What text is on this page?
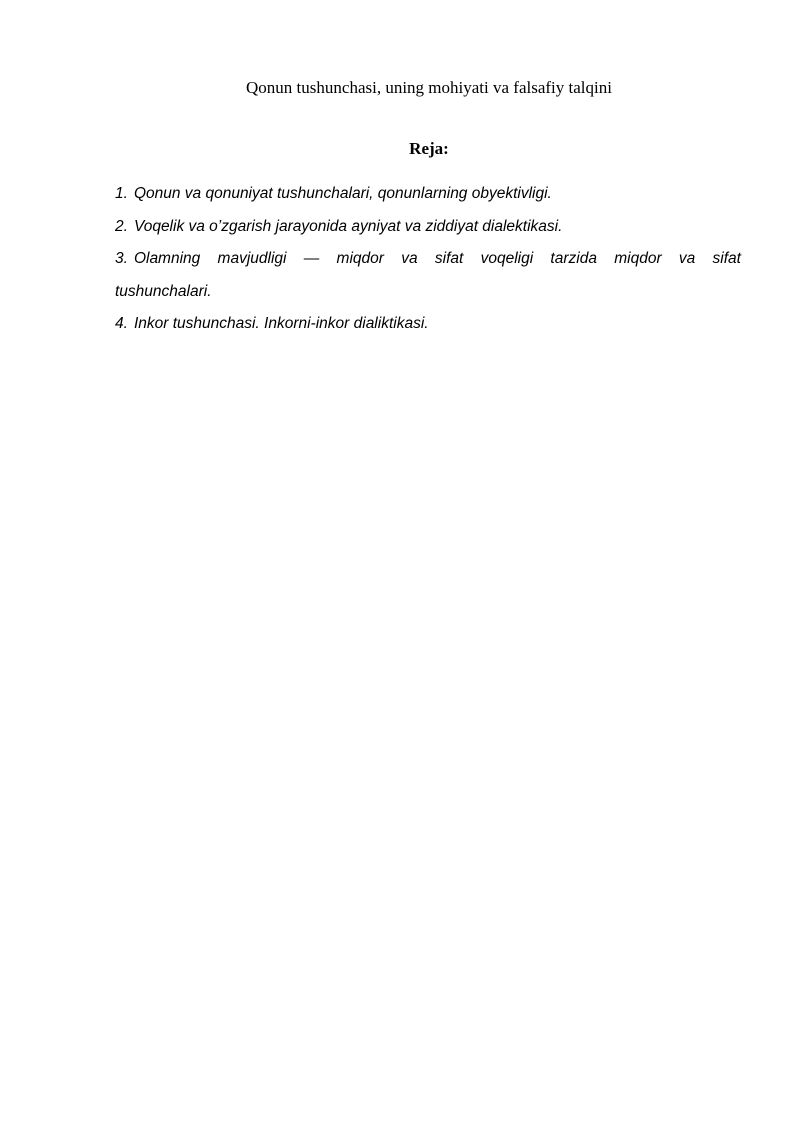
Qonun tushunchasi, uning mohiyati va falsafiy talqini
Reja:
1. Qonun va qonuniyat tushunchalari, qonunlarning obyektivligi.
2. Voqelik va o’zgarish jarayonida ayniyat va ziddiyat dialektikasi.
3. Olamning mavjudligi — miqdor va sifat voqeligi tarzida miqdor va sifat
tushunchalari.
4. Inkor tushunchasi. Inkorni-inkor dialiktikasi.
